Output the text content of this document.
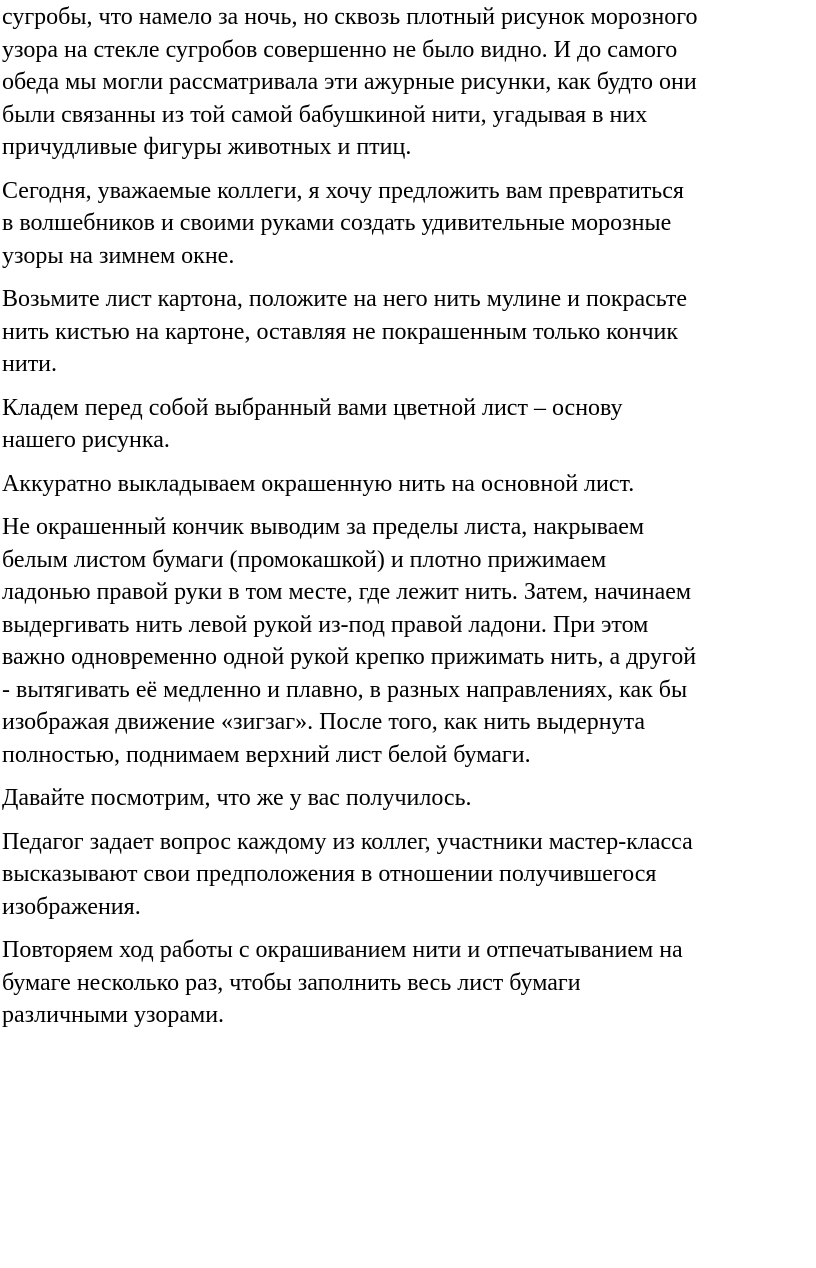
сугробы, что намело за ночь, но сквозь плотный рисунок морозного
узора на стекле сугробов совершенно не было видно. И до самого
обеда мы могли рассматривала эти ажурные рисунки, как будто они
были связанны из той самой бабушкиной нити, угадывая в них
причудливые фигуры животных и птиц.

Сегодня, уважаемые коллеги, я хочу предложить вам превратиться
в волшебников и своими руками создать удивительные морозные
узоры на зимнем окне.

Возьмите лист картона, положите на него нить мулине и покрасьте
нить кистью на картоне, оставляя не покрашенным только кончик
нити.

Кладем перед собой выбранный вами цветной лист – основу
нашего рисунка.

Аккуратно выкладываем окрашенную нить на основной лист.

Не окрашенный кончик выводим за пределы листа, накрываем
белым листом бумаги (промокашкой) и плотно прижимаем
ладонью правой руки в том месте, где лежит нить. Затем, начинаем
выдергивать нить левой рукой из-под правой ладони. При этом
важно одновременно одной рукой крепко прижимать нить, а другой
- вытягивать её медленно и плавно, в разных направлениях, как бы
изображая движение «зигзаг». После того, как нить выдернута
полностью, поднимаем верхний лист белой бумаги.

Давайте посмотрим, что же у вас получилось.

Педагог задает вопрос каждому из коллег, участники мастер-класса
высказывают свои предположения в отношении получившегося
изображения.

Повторяем ход работы с окрашиванием нити и отпечатыванием на
бумаге несколько раз, чтобы заполнить весь лист бумаги
различными узорами.
